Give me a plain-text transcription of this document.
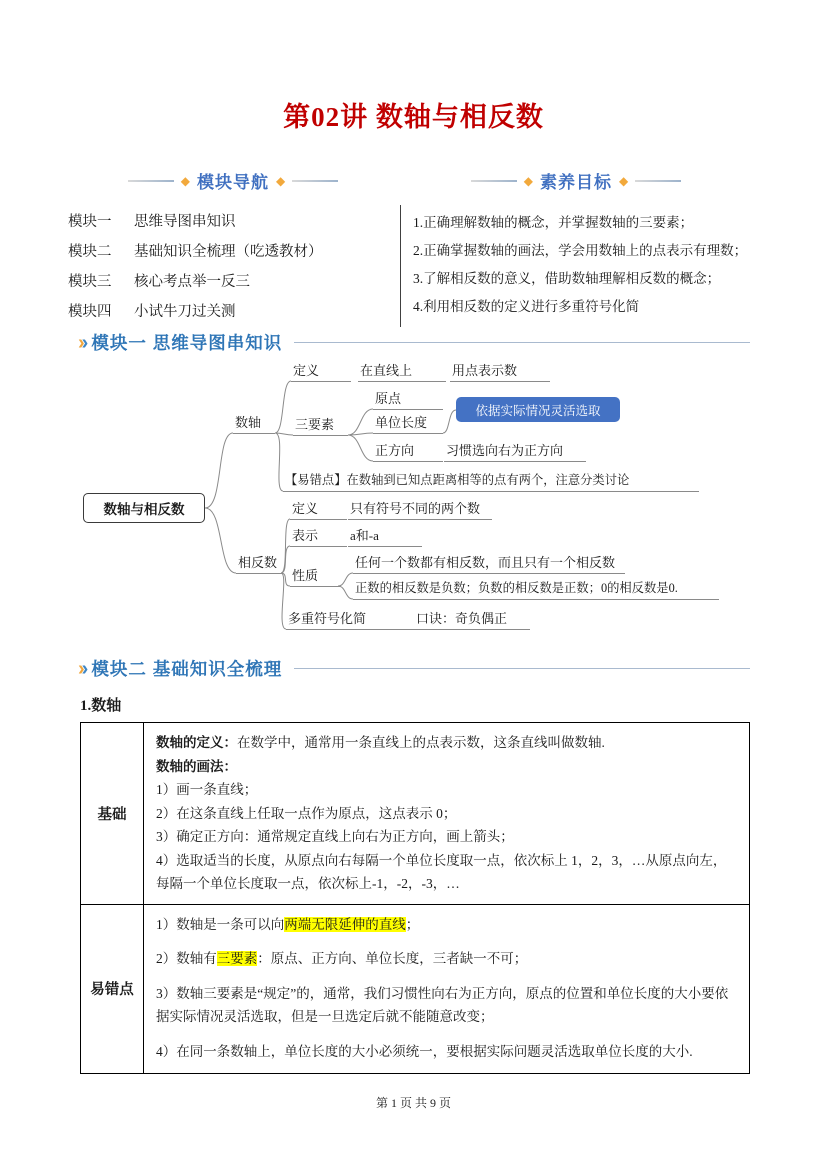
第02讲 数轴与相反数
◆ 模块导航 ◆
模块一	思维导图串知识
模块二	基础知识全梳理（吃透教材）
模块三	核心考点举一反三
模块四	小试牛刀过关测
◆ 素养目标 ◆
1.正确理解数轴的概念，并掌握数轴的三要素；
2.正确掌握数轴的画法，学会用数轴上的点表示有理数；
3.了解相反数的意义，借助数轴理解相反数的概念；
4.利用相反数的定义进行多重符号化简
›› 模块一 思维导图串知识
数轴与相反数
数轴
定义	在直线上	用点表示数
原点
三要素	单位长度
依据实际情况灵活选取
正方向	习惯选向右为正方向
【易错点】在数轴到已知点距离相等的点有两个，注意分类讨论
相反数
定义	只有符号不同的两个数
表示	a和-a
性质
任何一个数都有相反数，而且只有一个相反数
正数的相反数是负数；负数的相反数是正数；0的相反数是0.
多重符号化简	口诀：奇负偶正
›› 模块二 基础知识全梳理
1.数轴
基础
数轴的定义：在数学中，通常用一条直线上的点表示数，这条直线叫做数轴.
数轴的画法：
1）画一条直线；
2）在这条直线上任取一点作为原点，这点表示 0；
3）确定正方向：通常规定直线上向右为正方向，画上箭头；
4）选取适当的长度，从原点向右每隔一个单位长度取一点，依次标上 1，2，3，…从原点向左，每隔一个单位长度取一点，依次标上-1，-2，-3，…
易错点
1）数轴是一条可以向两端无限延伸的直线；
2）数轴有三要素：原点、正方向、单位长度，三者缺一不可；
3）数轴三要素是“规定”的，通常，我们习惯性向右为正方向，原点的位置和单位长度的大小要依据实际情况灵活选取，但是一旦选定后就不能随意改变；
4）在同一条数轴上，单位长度的大小必须统一，要根据实际问题灵活选取单位长度的大小.
第 1 页 共 9 页
